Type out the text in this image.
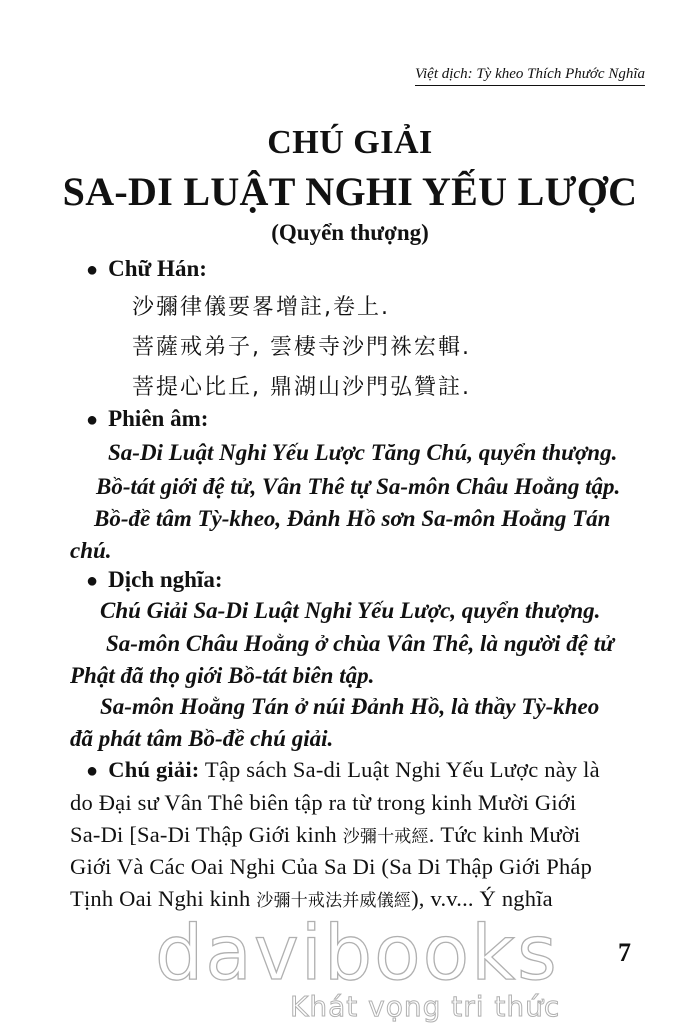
Việt dịch: Tỳ kheo Thích Phước Nghĩa
CHÚ GIẢI
SA-DI LUẬT NGHI YẾU LƯỢC
(Quyển thượng)
● Chữ Hán:
沙彌律儀要畧增註,卷上.
菩薩戒弟子, 雲棲寺沙門袾宏輯.
菩提心比丘, 鼎湖山沙門弘贊註.
● Phiên âm:
Sa-Di Luật Nghi Yếu Lược Tăng Chú, quyển thượng.
Bồ-tát giới đệ tử, Vân Thê tự Sa-môn Châu Hoằng tập.
Bồ-đề tâm Tỳ-kheo, Đảnh Hồ sơn Sa-môn Hoằng Tán
chú.
● Dịch nghĩa:
Chú Giải Sa-Di Luật Nghi Yếu Lược, quyển thượng.
Sa-môn Châu Hoằng ở chùa Vân Thê, là người đệ tử
Phật đã thọ giới Bồ-tát biên tập.
Sa-môn Hoằng Tán ở núi Đảnh Hồ, là thầy Tỳ-kheo
đã phát tâm Bồ-đề chú giải.
● Chú giải: Tập sách Sa-di Luật Nghi Yếu Lược này là
do Đại sư Vân Thê biên tập ra từ trong kinh Mười Giới
Sa-Di [Sa-Di Thập Giới kinh 沙彌十戒經. Tức kinh Mười
Giới Và Các Oai Nghi Của Sa Di (Sa Di Thập Giới Pháp
Tịnh Oai Nghi kinh 沙彌十戒法并威儀經), v.v... Ý nghĩa
7
davibooks
Khát vọng tri thức
